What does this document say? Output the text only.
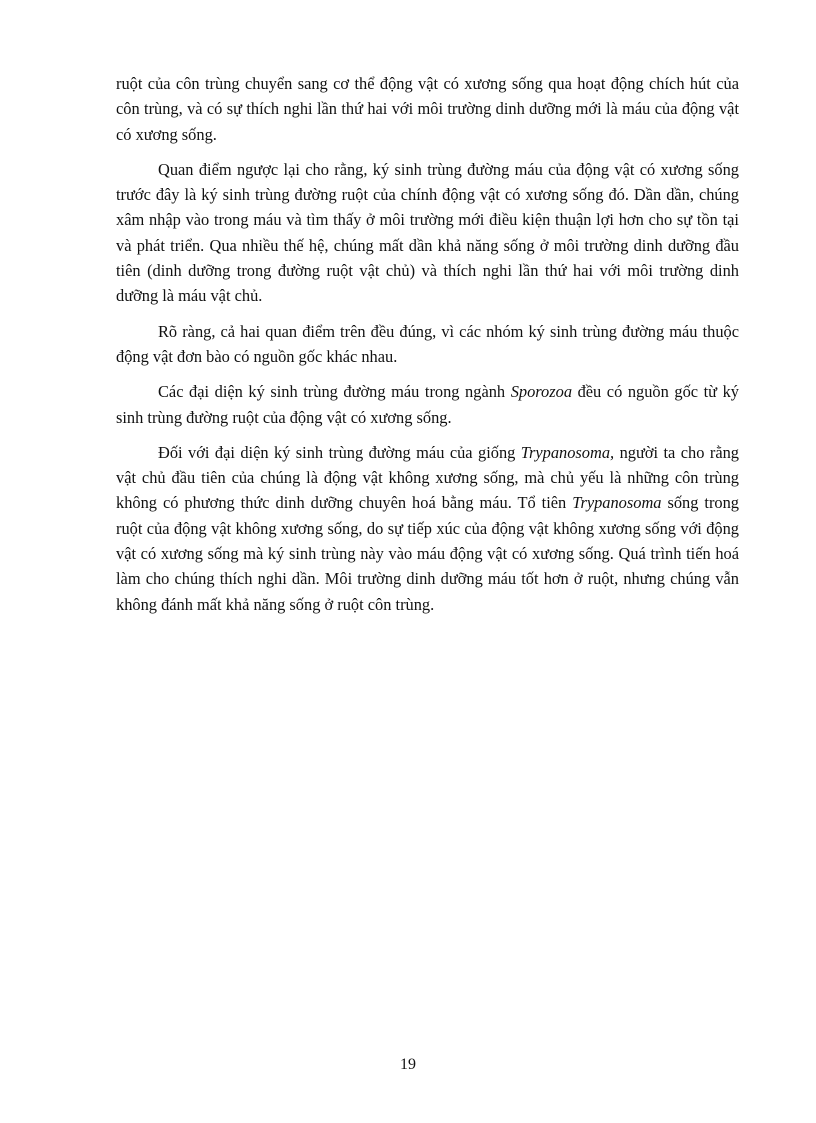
ruột của côn trùng chuyển sang cơ thể động vật có xương sống qua hoạt động chích hút của côn trùng, và có sự thích nghi lần thứ hai với môi trường dinh dưỡng mới là máu của động vật có xương sống.

Quan điểm ngược lại cho rằng, ký sinh trùng đường máu của động vật có xương sống trước đây là ký sinh trùng đường ruột của chính động vật có xương sống đó. Dần dần, chúng xâm nhập vào trong máu và tìm thấy ở môi trường mới điều kiện thuận lợi hơn cho sự tồn tại và phát triển. Qua nhiều thế hệ, chúng mất dần khả năng sống ở môi trường dinh dưỡng đầu tiên (dinh dưỡng trong đường ruột vật chủ) và thích nghi lần thứ hai với môi trường dinh dưỡng là máu vật chủ.

Rõ ràng, cả hai quan điểm trên đều đúng, vì các nhóm ký sinh trùng đường máu thuộc động vật đơn bào có nguồn gốc khác nhau.

Các đại diện ký sinh trùng đường máu trong ngành Sporozoa đều có nguồn gốc từ ký sinh trùng đường ruột của động vật có xương sống.

Đối với đại diện ký sinh trùng đường máu của giống Trypanosoma, người ta cho rằng vật chủ đầu tiên của chúng là động vật không xương sống, mà chủ yếu là những côn trùng không có phương thức dinh dưỡng chuyên hoá bằng máu. Tổ tiên Trypanosoma sống trong ruột của động vật không xương sống, do sự tiếp xúc của động vật không xương sống với động vật có xương sống mà ký sinh trùng này vào máu động vật có xương sống. Quá trình tiến hoá làm cho chúng thích nghi dần. Môi trường dinh dưỡng máu tốt hơn ở ruột, nhưng chúng vẫn không đánh mất khả năng sống ở ruột côn trùng.

19
